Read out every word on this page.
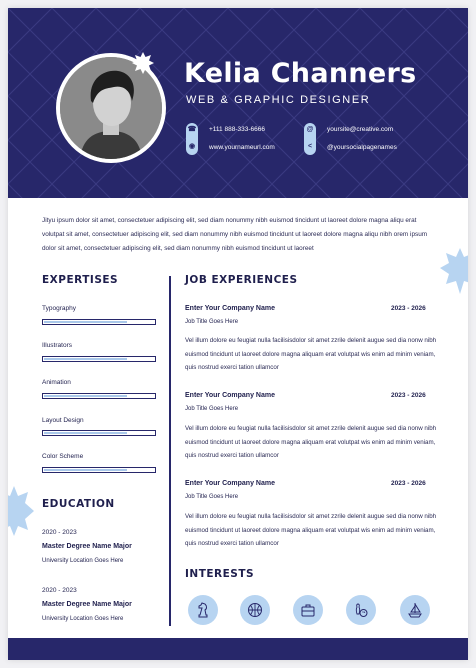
Kelia Channers
WEB & GRAPHIC DESIGNER
☎
◉
+111 888-333-6666
www.yournameurl.com
@
<
yoursite@creative.com
@yoursocialpagenames
Jityu ipsum dolor sit amet, consectetuer adipiscing elit, sed diam nonummy nibh euismod tincidunt ut laoreet dolore magna aliqu erat volutpat sit amet, consectetuer adipiscing elit, sed diam nonummy nibh euismod tincidunt ut laoreet dolore magna aliqu nibh orem ipsum dolor sit amet, consectetuer adipiscing elit, sed diam nonummy nibh euismod tincidunt ut laoreet
EXPERTISES
Typography
Illustrators
Animation
Layout Design
Color Scheme
EDUCATION
2020 - 2023
Master Degree Name Major
University Location Goes Here
2020 - 2023
Master Degree Name Major
University Location Goes Here
JOB EXPERIENCES
Enter Your Company Name	2023 - 2026
Job Title Goes Here
Vel illum dolore eu feugiat nulla facilisisdolor sit amet zzrile delenit augue sed dia nonw nibh euismod tincidunt ut laoreet dolore magna aliquam erat volutpat wis enim ad minim veniam, quis nostrud exerci tation ullamcor
Enter Your Company Name	2023 - 2026
Job Title Goes Here
Vel illum dolore eu feugiat nulla facilisisdolor sit amet zzrile delenit augue sed dia nonw nibh euismod tincidunt ut laoreet dolore magna aliquam erat volutpat wis enim ad minim veniam, quis nostrud exerci tation ullamcor
Enter Your Company Name	2023 - 2026
Job Title Goes Here
Vel illum dolore eu feugiat nulla facilisisdolor sit amet zzrile delenit augue sed dia nonw nibh euismod tincidunt ut laoreet dolore magna aliquam erat volutpat wis enim ad minim veniam, quis nostrud exerci tation ullamcor
INTERESTS
